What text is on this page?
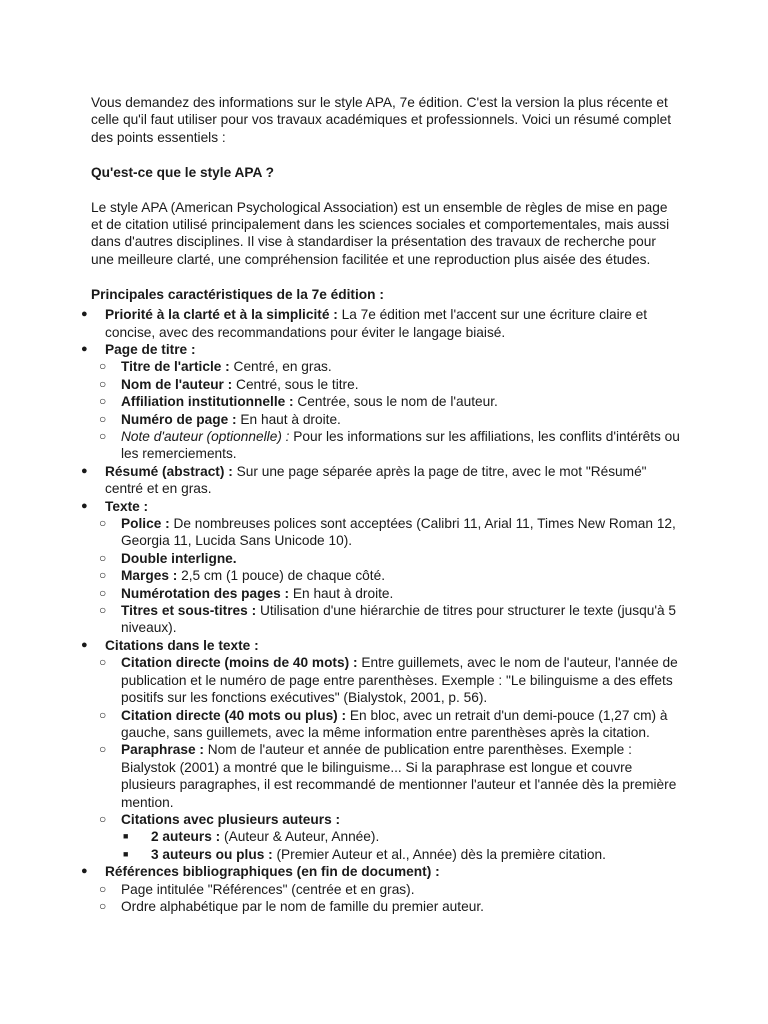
Vous demandez des informations sur le style APA, 7e édition. C'est la version la plus récente et celle qu'il faut utiliser pour vos travaux académiques et professionnels. Voici un résumé complet des points essentiels :

Qu'est-ce que le style APA ?

Le style APA (American Psychological Association) est un ensemble de règles de mise en page et de citation utilisé principalement dans les sciences sociales et comportementales, mais aussi dans d'autres disciplines. Il vise à standardiser la présentation des travaux de recherche pour une meilleure clarté, une compréhension facilitée et une reproduction plus aisée des études.

Principales caractéristiques de la 7e édition :

● Priorité à la clarté et à la simplicité : La 7e édition met l'accent sur une écriture claire et concise, avec des recommandations pour éviter le langage biaisé.
● Page de titre :
○ Titre de l'article : Centré, en gras.
○ Nom de l'auteur : Centré, sous le titre.
○ Affiliation institutionnelle : Centrée, sous le nom de l'auteur.
○ Numéro de page : En haut à droite.
○ Note d'auteur (optionnelle) : Pour les informations sur les affiliations, les conflits d'intérêts ou les remerciements.
● Résumé (abstract) : Sur une page séparée après la page de titre, avec le mot "Résumé" centré et en gras.
● Texte :
○ Police : De nombreuses polices sont acceptées (Calibri 11, Arial 11, Times New Roman 12, Georgia 11, Lucida Sans Unicode 10).
○ Double interligne.
○ Marges : 2,5 cm (1 pouce) de chaque côté.
○ Numérotation des pages : En haut à droite.
○ Titres et sous-titres : Utilisation d'une hiérarchie de titres pour structurer le texte (jusqu'à 5 niveaux).
● Citations dans le texte :
○ Citation directe (moins de 40 mots) : Entre guillemets, avec le nom de l'auteur, l'année de publication et le numéro de page entre parenthèses. Exemple : "Le bilinguisme a des effets positifs sur les fonctions exécutives" (Bialystok, 2001, p. 56).
○ Citation directe (40 mots ou plus) : En bloc, avec un retrait d'un demi-pouce (1,27 cm) à gauche, sans guillemets, avec la même information entre parenthèses après la citation.
○ Paraphrase : Nom de l'auteur et année de publication entre parenthèses. Exemple : Bialystok (2001) a montré que le bilinguisme... Si la paraphrase est longue et couvre plusieurs paragraphes, il est recommandé de mentionner l'auteur et l'année dès la première mention.
○ Citations avec plusieurs auteurs :
■ 2 auteurs : (Auteur & Auteur, Année).
■ 3 auteurs ou plus : (Premier Auteur et al., Année) dès la première citation.
● Références bibliographiques (en fin de document) :
○ Page intitulée "Références" (centrée et en gras).
○ Ordre alphabétique par le nom de famille du premier auteur.
